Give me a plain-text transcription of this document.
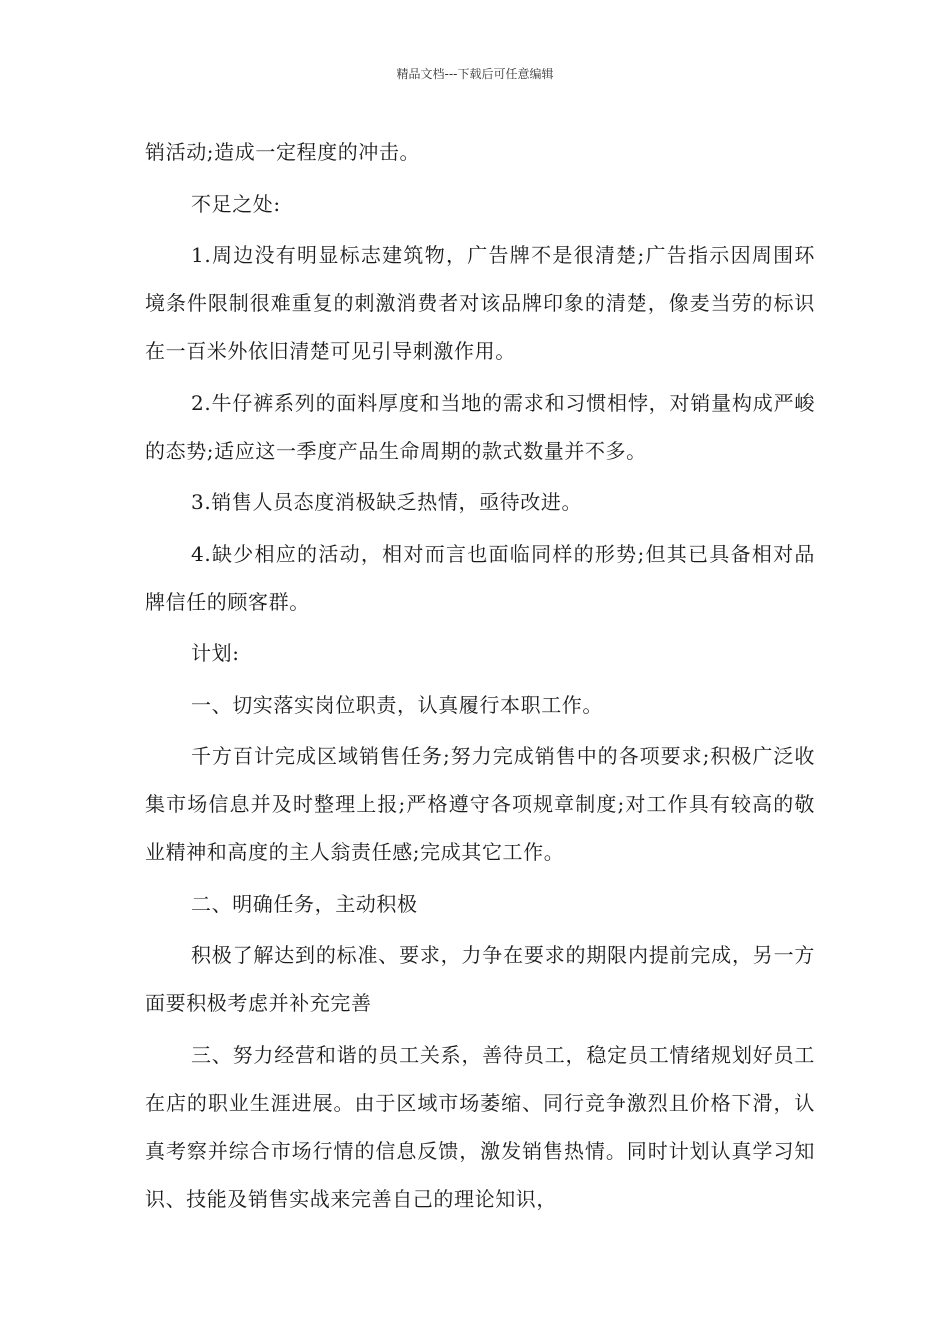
精品文档---下载后可任意编辑

销活动;造成一定程度的冲击。

不足之处:

1.周边没有明显标志建筑物，广告牌不是很清楚;广告指示因周围环境条件限制很难重复的刺激消费者对该品牌印象的清楚，像麦当劳的标识在一百米外依旧清楚可见引导刺激作用。

2.牛仔裤系列的面料厚度和当地的需求和习惯相悖，对销量构成严峻的态势;适应这一季度产品生命周期的款式数量并不多。

3.销售人员态度消极缺乏热情，亟待改进。

4.缺少相应的活动，相对而言也面临同样的形势;但其已具备相对品牌信任的顾客群。

计划:

一、切实落实岗位职责，认真履行本职工作。

千方百计完成区域销售任务;努力完成销售中的各项要求;积极广泛收集市场信息并及时整理上报;严格遵守各项规章制度;对工作具有较高的敬业精神和高度的主人翁责任感;完成其它工作。

二、明确任务，主动积极

积极了解达到的标准、要求，力争在要求的期限内提前完成，另一方面要积极考虑并补充完善

三、努力经营和谐的员工关系，善待员工，稳定员工情绪规划好员工在店的职业生涯进展。由于区域市场萎缩、同行竞争激烈且价格下滑，认真考察并综合市场行情的信息反馈，激发销售热情。同时计划认真学习知识、技能及销售实战来完善自己的理论知识，
